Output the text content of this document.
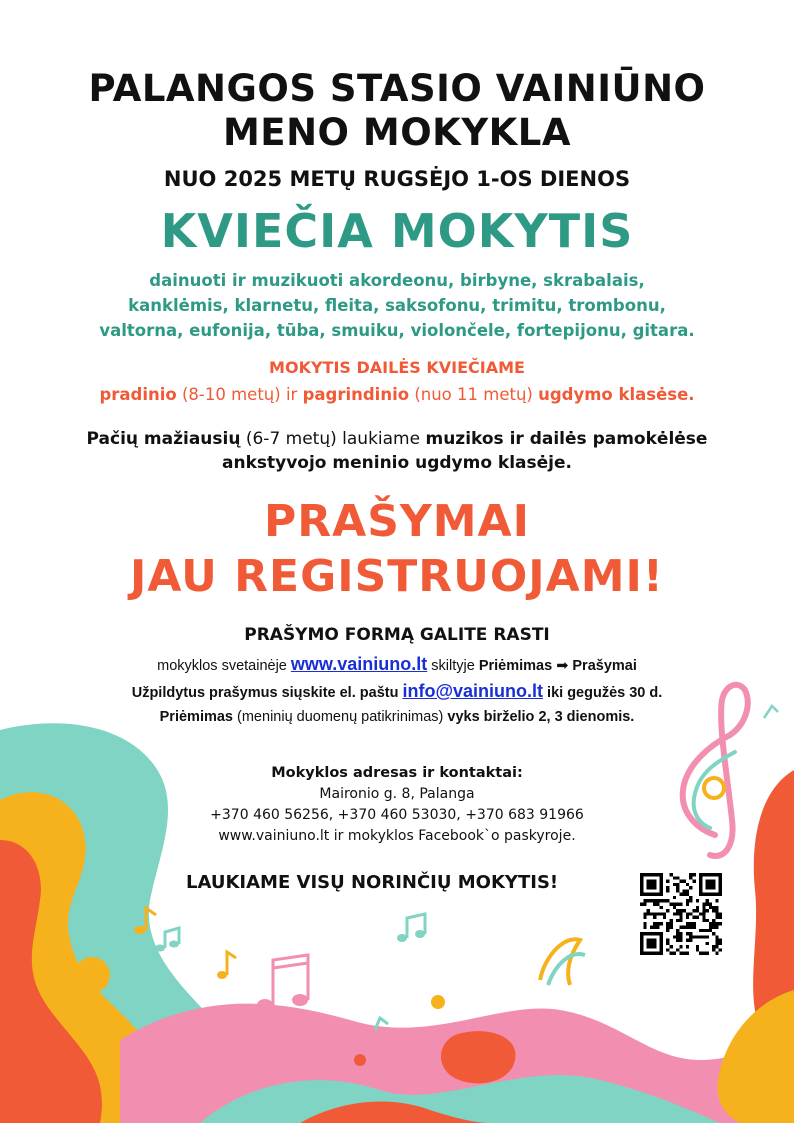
PALANGOS STASIO VAINIŪNO
MENO MOKYKLA
NUO 2025 METŲ RUGSĖJO 1-OS DIENOS
KVIEČIA MOKYTIS
dainuoti ir muzikuoti akordeonu, birbyne, skrabalais,
kanklėmis, klarnetu, fleita, saksofonu, trimitu, trombonu,
valtorna, eufonija, tūba, smuiku, violončele, fortepijonu, gitara.
MOKYTIS DAILĖS KVIEČIAME
pradinio (8-10 metų) ir pagrindinio (nuo 11 metų) ugdymo klasėse.
Pačių mažiausių (6-7 metų) laukiame muzikos ir dailės pamokėlėse
ankstyvojo meninio ugdymo klasėje.
PRAŠYMAI
JAU REGISTRUOJAMI!
PRAŠYMO FORMĄ GALITE RASTI
mokyklos svetainėje www.vainiuno.lt skiltyje Priėmimas ➡ Prašymai
Užpildytus prašymus siųskite el. paštu info@vainiuno.lt iki gegužės 30 d.
Priėmimas (meninių duomenų patikrinimas) vyks birželio 2, 3 dienomis.
Mokyklos adresas ir kontaktai:
Maironio g. 8, Palanga
+370 460 56256, +370 460 53030, +370 683 91966
www.vainiuno.lt ir mokyklos Facebook`o paskyroje.
LAUKIAME VISŲ NORINČIŲ MOKYTIS!
